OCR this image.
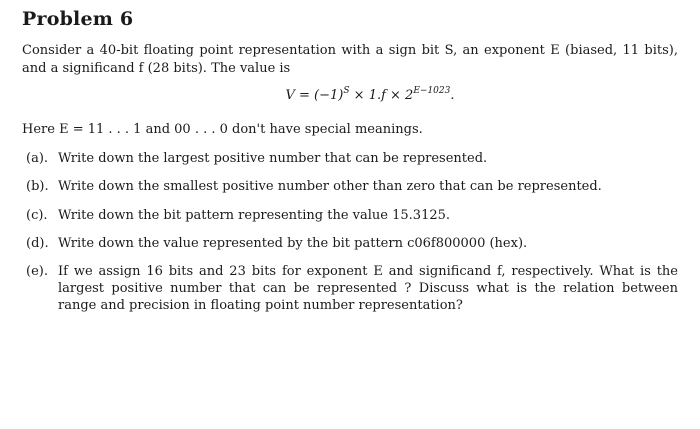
Problem 6
Consider a 40-bit floating point representation with a sign bit S, an exponent E (biased, 11 bits), and a significand f (28 bits). The value is
$V = (-1)^S \times 1.f \times 2^{E-1023}$.
Here E = 11 . . . 1 and 00 . . . 0 don't have special meanings.
(a). Write down the largest positive number that can be represented.
(b). Write down the smallest positive number other than zero that can be represented.
(c). Write down the bit pattern representing the value 15.3125.
(d). Write down the value represented by the bit pattern c06f800000 (hex).
(e). If we assign 16 bits and 23 bits for exponent E and significand f, respectively. What is the largest positive number that can be represented ? Discuss what is the relation between range and precision in floating point number representation?
